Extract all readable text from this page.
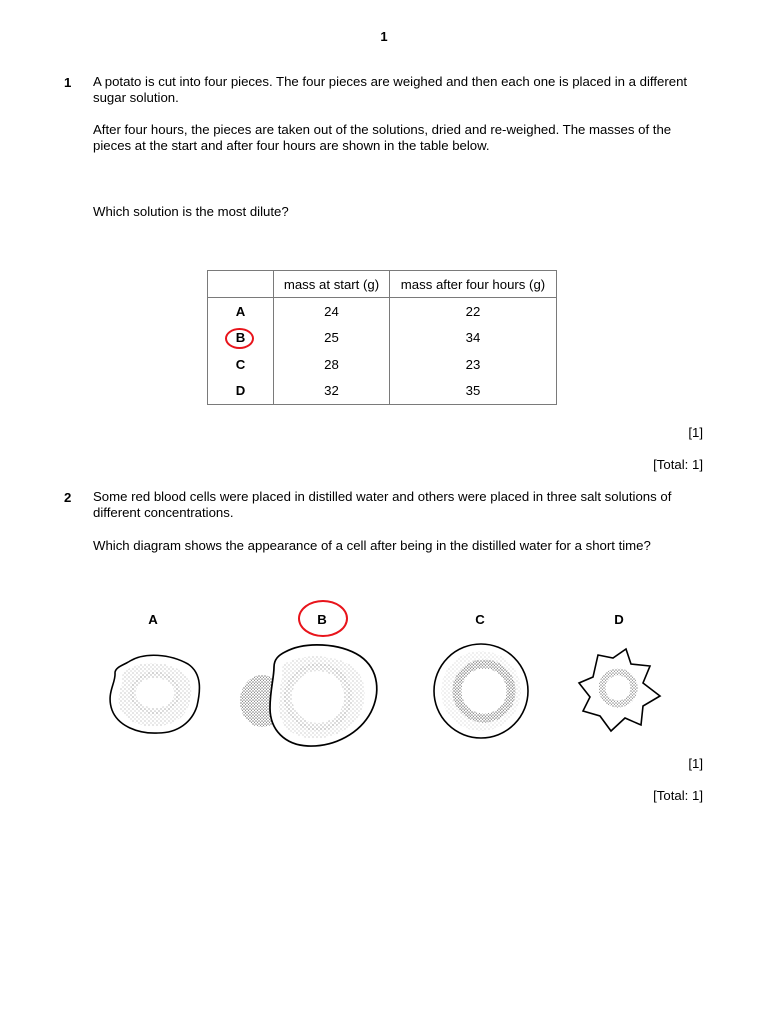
1
1 A potato is cut into four pieces. The four pieces are weighed and then each one is placed in a different sugar solution.
After four hours, the pieces are taken out of the solutions, dried and re-weighed. The masses of the pieces at the start and after four hours are shown in the table below.
Which solution is the most dilute?
	mass at start (g)	mass after four hours (g)
A	24	22
B	25	34
C	28	23
D	32	35
[1]
[Total: 1]
2 Some red blood cells were placed in distilled water and others were placed in three salt solutions of different concentrations.
Which diagram shows the appearance of a cell after being in the distilled water for a short time?
A	B	C	D
[1]
[Total: 1]
